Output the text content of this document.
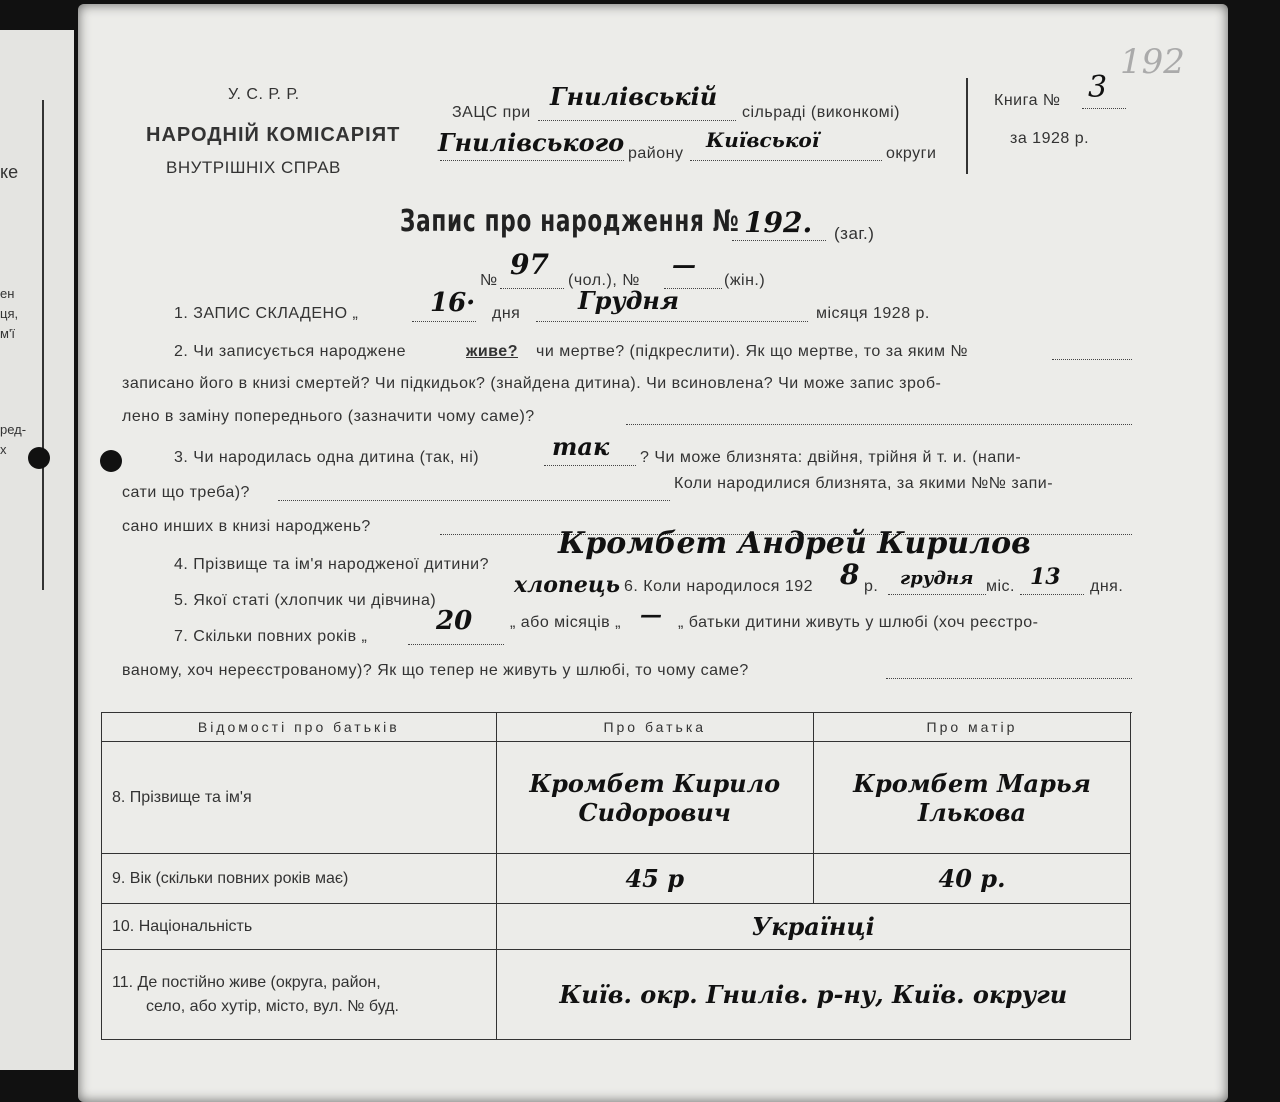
ке
ен
ця,
м'ї
ред-
х
У. С. Р. Р.
НАРОДНІЙ КОМІСАРІЯТ
ВНУТРІШНІХ СПРАВ
ЗАЦС при
Гнилівській
сільраді (виконкомі)
Гнилівського району
Київської
округи
Книга № 3
за 1928 р.
192
Запис про народження № 192. (заг.)
№ 97 (чол.), №
—
(жін.)
1. ЗАПИС СКЛАДЕНО „	16· дня Грудня	місяця 1928 р.
2. Чи записується народжене	живе? чи мертве? (підкреслити). Як що мертве, то за яким №
записано його в книзі смертей? Чи підкидьок? (знайдена дитина). Чи всиновлена? Чи може запис зроб-
лено в заміну попереднього (зазначити чому саме)?
3. Чи народилась одна дитина (так, ні)	так ? Чи може близнята: двійня, трійня й т. и. (напи-
сати що треба)?
Коли народилися близнята, за якими №№ запи-
сано инших в книзі народжень?
4. Прізвище та ім'я народженої дитини?
Кромбет Андрей Кирилов
5. Якої статі (хлопчик чи дівчина)
хлопець 6. Коли народилося 192 8 р. грудня міс. 13 дня.
7. Скільки повних років „
20 „ або місяців „ — „ батьки дитини живуть у шлюбі (хоч реєстро-
ваному, хоч нереєстрованому)? Як що тепер не живуть у шлюбі, то чому саме?
Відомості про батьків	Про батька	Про матір
8. Прізвище та ім'я	Кромбет Кирило Сидорович	Кромбет Марья Ількова
9. Вік (скільки повних років має)	45 р	40 р.
10. Національність	Українці	

11. Де постійно живе (округа, район,
село, або хутір, місто, вул. № буд.	Київ. окр. Гнилів. р-ну, Київ. округи	
